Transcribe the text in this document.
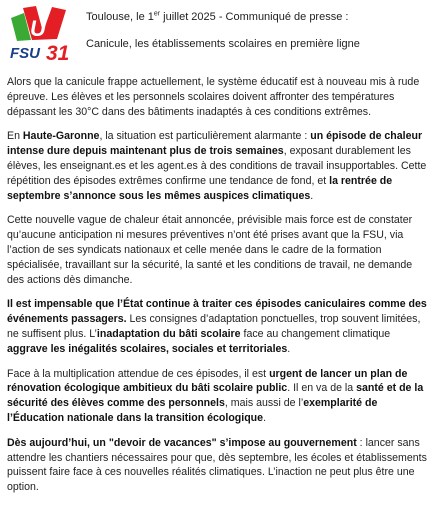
U
FSU 31

Toulouse, le 1er juillet 2025 - Communiqué de presse :

Canicule, les établissements scolaires en première ligne

Alors que la canicule frappe actuellement, le système éducatif est à nouveau mis à rude épreuve. Les élèves et les personnels scolaires doivent affronter des températures dépassant les 30°C dans des bâtiments inadaptés à ces conditions extrêmes.

En Haute-Garonne, la situation est particulièrement alarmante : un épisode de chaleur intense dure depuis maintenant plus de trois semaines, exposant durablement les élèves, les enseignant.es et les agent.es à des conditions de travail insupportables. Cette répétition des épisodes extrêmes confirme une tendance de fond, et la rentrée de septembre s’annonce sous les mêmes auspices climatiques.

Cette nouvelle vague de chaleur était annoncée, prévisible mais force est de constater qu’aucune anticipation ni mesures préventives n’ont été prises avant que la FSU, via l’action de ses syndicats nationaux et celle menée dans le cadre de la formation spécialisée, travaillant sur la sécurité, la santé et les conditions de travail, ne demande des actions dès dimanche.

Il est impensable que l’État continue à traiter ces épisodes caniculaires comme des événements passagers. Les consignes d’adaptation ponctuelles, trop souvent limitées, ne suffisent plus. L’inadaptation du bâti scolaire face au changement climatique aggrave les inégalités scolaires, sociales et territoriales.

Face à la multiplication attendue de ces épisodes, il est urgent de lancer un plan de rénovation écologique ambitieux du bâti scolaire public. Il en va de la santé et de la sécurité des élèves comme des personnels, mais aussi de l’exemplarité de l’Éducation nationale dans la transition écologique.

Dès aujourd’hui, un "devoir de vacances" s’impose au gouvernement : lancer sans attendre les chantiers nécessaires pour que, dès septembre, les écoles et établissements puissent faire face à ces nouvelles réalités climatiques. L’inaction ne peut plus être une option.
